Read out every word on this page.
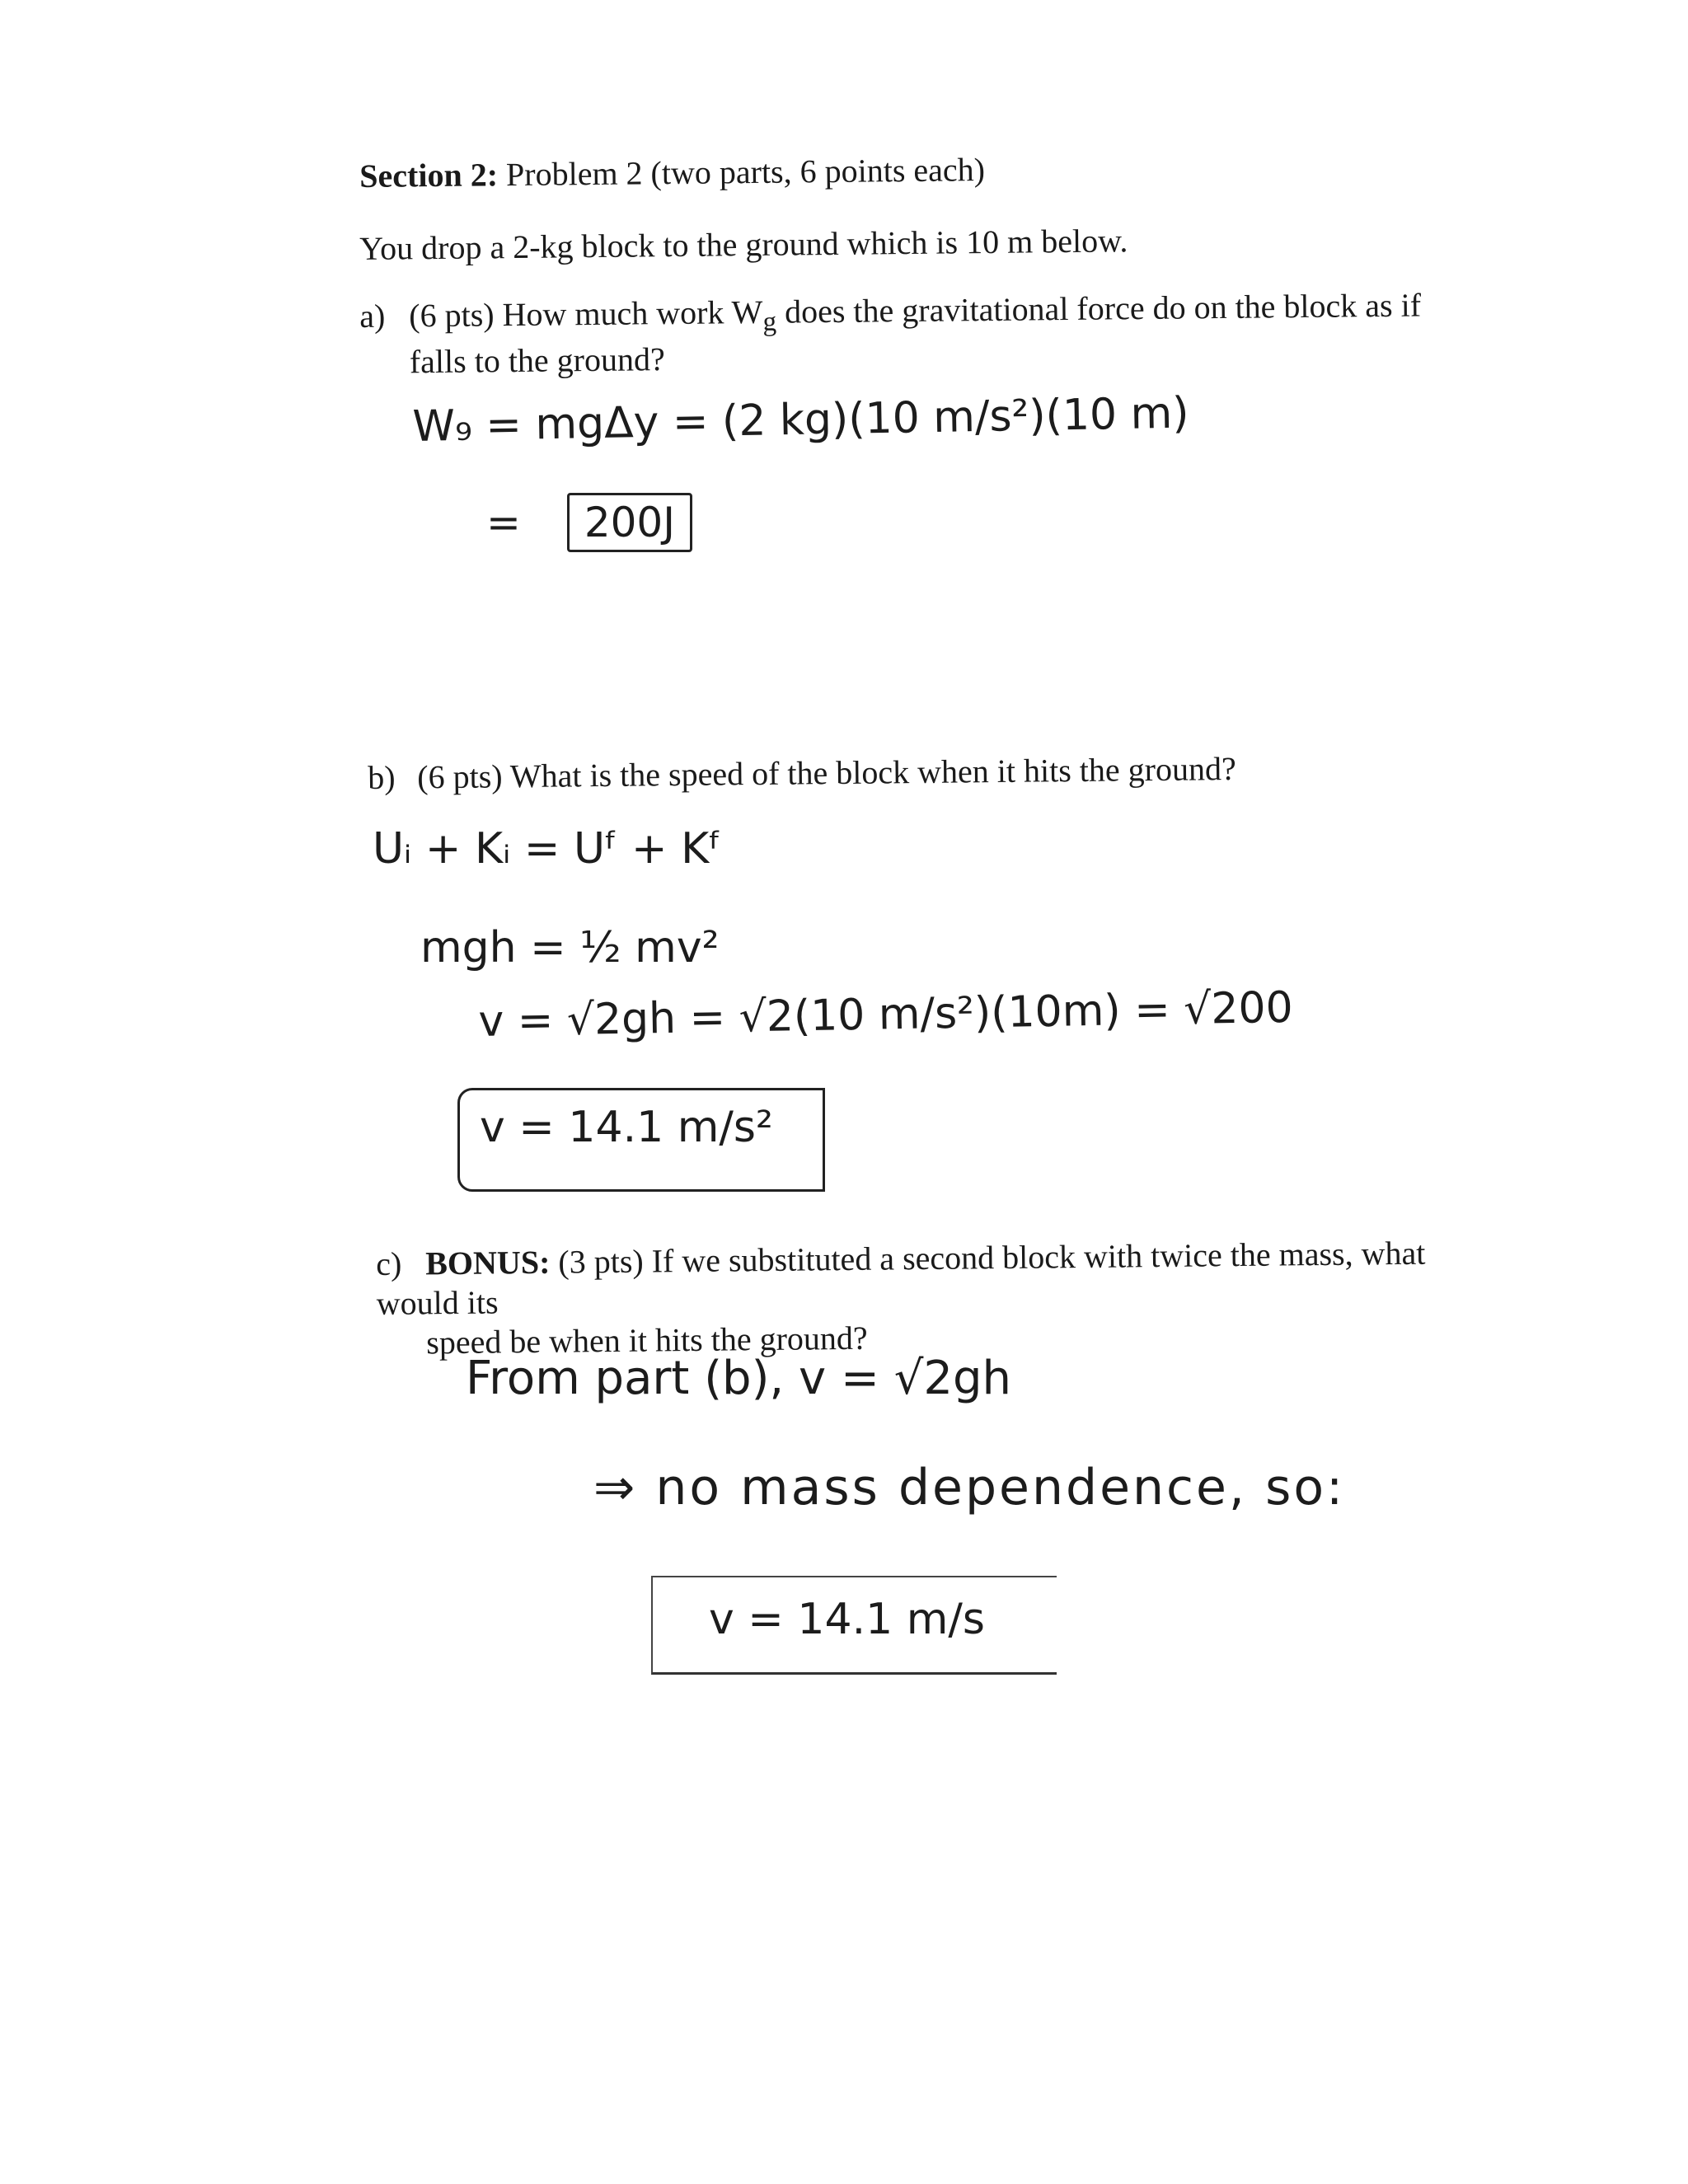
Section 2: Problem 2 (two parts, 6 points each)
You drop a 2-kg block to the ground which is 10 m below.
a) (6 pts) How much work $W_g$ does the gravitational force do on the block as if
falls to the ground?
W₉ = mgΔy = (2 kg)(10 m/s²)(10 m)
= 200J
b) (6 pts) What is the speed of the block when it hits the ground?
Uᵢ + Kᵢ = Uᶠ + Kᶠ
mgh = ½ mv²
v = √2gh = √2(10 m/s²)(10m) = √200
v = 14.1 m/s²
c) BONUS: (3 pts) If we substituted a second block with twice the mass, what would its
speed be when it hits the ground?
From part (b), v = √2gh
⇒ no mass dependence, so:
v = 14.1 m/s
